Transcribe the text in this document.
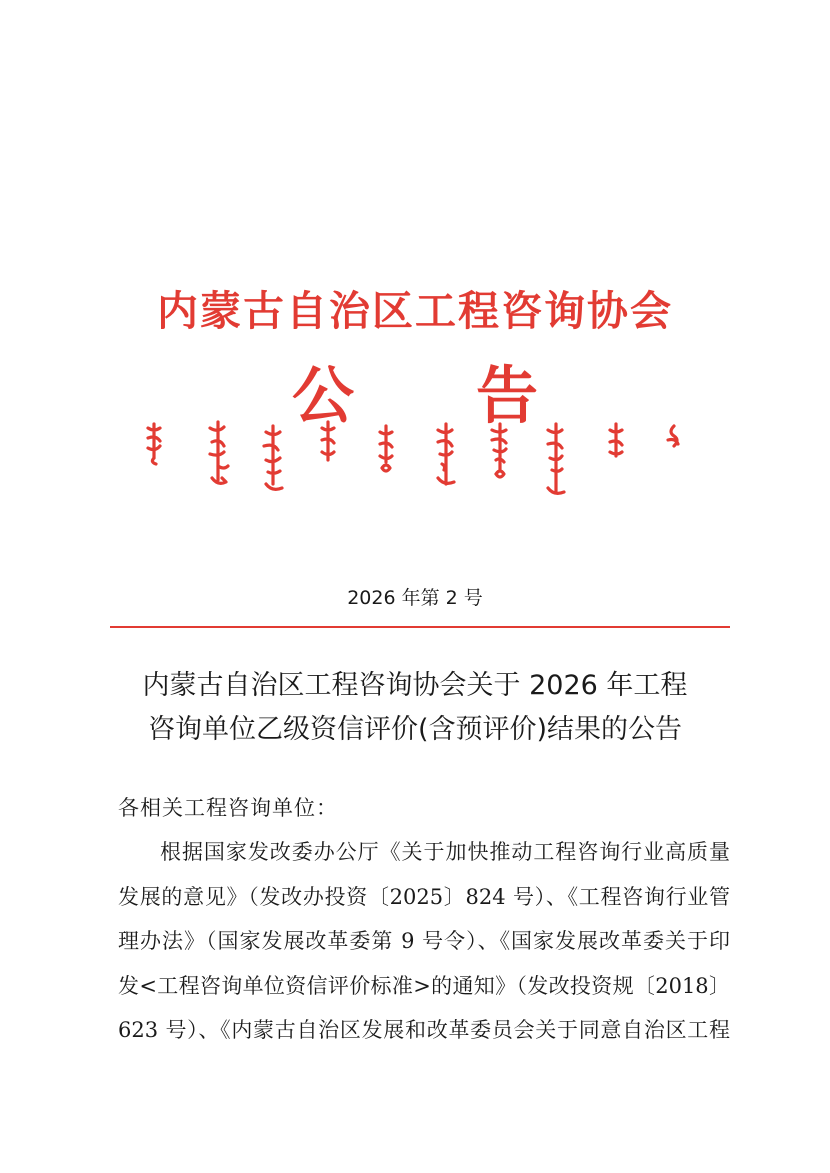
内蒙古自治区工程咨询协会
公 告
2026 年第 2 号
内蒙古自治区工程咨询协会关于 2026 年工程
咨询单位乙级资信评价(含预评价)结果的公告
各相关工程咨询单位：
根据国家发改委办公厅《关于加快推动工程咨询行业高质量
发展的意见》（发改办投资〔2025〕824 号）、《工程咨询行业管
理办法》（国家发展改革委第 9 号令）、《国家发展改革委关于印
发<工程咨询单位资信评价标准>的通知》（发改投资规〔2018〕
623 号）、《内蒙古自治区发展和改革委员会关于同意自治区工程
